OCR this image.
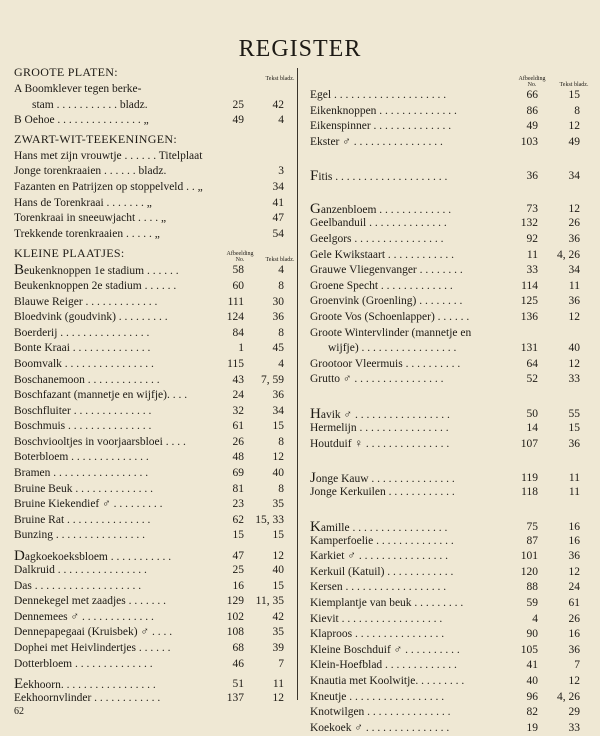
REGISTER

GROOTE PLATEN:	Tekst bladz.
A Boomklever tegen berke-
stam . . . . . . . . . . . bladz.	25 42
B Oehoe . . . . . . . . . . . . . . . „	49	4

ZWART-WIT-TEEKENINGEN:

Hans met zijn vrouwtje . . . . . . Titelplaat
Jonge torenkraaien . . . . . . bladz.	3
Fazanten en Patrijzen op stoppelveld . . „	34
Hans de Torenkraai . . . . . . . „	41
Torenkraai in sneeuwjacht . . . . „	47
Trekkende torenkraaien . . . . . „	54

KLEINE PLAATJES:	Afbeelding No.	Tekst bladz.
Beukenknoppen 1e stadium . . . . . .	58	4
Beukenknoppen 2e stadium . . . . . .	60	8
Blauwe Reiger . . . . . . . . . . . . .	111 30
Bloedvink (goudvink) . . . . . . . . .	124 36
Boerderij . . . . . . . . . . . . . . . .	84	8
Bonte Kraai . . . . . . . . . . . . . .	1 45
Boomvalk . . . . . . . . . . . . . . . .	115	4
Boschanemoon . . . . . . . . . . . . .	43 7, 59
Boschfazant (mannetje en wijfje). . . .	24 36
Boschfluiter . . . . . . . . . . . . . .	32 34
Boschmuis . . . . . . . . . . . . . . .	61 15
Boschviooltjes in voorjaarsbloei . . . .	26	8
Boterbloem . . . . . . . . . . . . . .	48 12
Bramen . . . . . . . . . . . . . . . . .	69 40
Bruine Beuk . . . . . . . . . . . . . .	81	8
Bruine Kiekendief ♂ . . . . . . . . .	23 35
Bruine Rat . . . . . . . . . . . . . . .	62 15, 33
Bunzing . . . . . . . . . . . . . . . .	15 15
Dagkoekoeksbloem . . . . . . . . . . .	47 12
Dalkruid . . . . . . . . . . . . . . . .	25 40
Das . . . . . . . . . . . . . . . . . . .	16 15
Dennekegel met zaadjes . . . . . . .	129 11, 35
Dennemees ♂ . . . . . . . . . . . . .	102 42
Dennepapegaai (Kruisbek) ♂ . . . .	108 35
Dophei met Heivlindertjes . . . . . .	68 39
Dotterbloem . . . . . . . . . . . . . .	46	7
Eekhoorn. . . . . . . . . . . . . . . . .	51	11
Eekhoornvlinder . . . . . . . . . . . .	137 12
Afbeelding No.	Tekst bladz.
Egel . . . . . . . . . . . . . . . . . . . .	66	15
Eikenknoppen . . . . . . . . . . . . . .	86	8
Eikenspinner . . . . . . . . . . . . . .	49	12
Ekster ♂ . . . . . . . . . . . . . . . .	103	49
Fitis . . . . . . . . . . . . . . . . . . . .	36	34
Ganzenbloem . . . . . . . . . . . . .	73	12
Geelbanduil . . . . . . . . . . . . . .	132	26
Geelgors . . . . . . . . . . . . . . . .	92	36
Gele Kwikstaart . . . . . . . . . . . .	11 4, 26
Grauwe Vliegenvanger . . . . . . . .	33	34
Groene Specht . . . . . . . . . . . . .	114	11
Groenvink (Groenling) . . . . . . . .	125	36
Groote Vos (Schoenlapper) . . . . . .	136	12
Groote Wintervlinder (mannetje en
wijfje) . . . . . . . . . . . . . . . . .	131	40
Grootoor Vleermuis . . . . . . . . . .	64	12
Grutto ♂ . . . . . . . . . . . . . . . .	52	33
Havik ♂ . . . . . . . . . . . . . . . . .	50	55
Hermelijn . . . . . . . . . . . . . . . .	14	15
Houtduif ♀ . . . . . . . . . . . . . . .	107	36
Jonge Kauw . . . . . . . . . . . . . . .	119	11
Jonge Kerkuilen . . . . . . . . . . . .	118	11
Kamille . . . . . . . . . . . . . . . . .	75	16
Kamperfoelie . . . . . . . . . . . . . .	87	16
Karkiet ♂ . . . . . . . . . . . . . . . .	101	36
Kerkuil (Katuil) . . . . . . . . . . . .	120	12
Kersen . . . . . . . . . . . . . . . . . .	88	24
Kiemplantje van beuk . . . . . . . . .	59	61
Kievit . . . . . . . . . . . . . . . . . .	4	26
Klaproos . . . . . . . . . . . . . . . .	90	16
Kleine Boschduif ♂ . . . . . . . . . .	105	36
Klein-Hoefblad . . . . . . . . . . . . .	41	7
Knautia met Koolwitje. . . . . . . . .	40	12
Kneutje . . . . . . . . . . . . . . . . .	96 4, 26
Knotwilgen . . . . . . . . . . . . . . .	82	29
Koekoek ♂ . . . . . . . . . . . . . . .	19	33
62
